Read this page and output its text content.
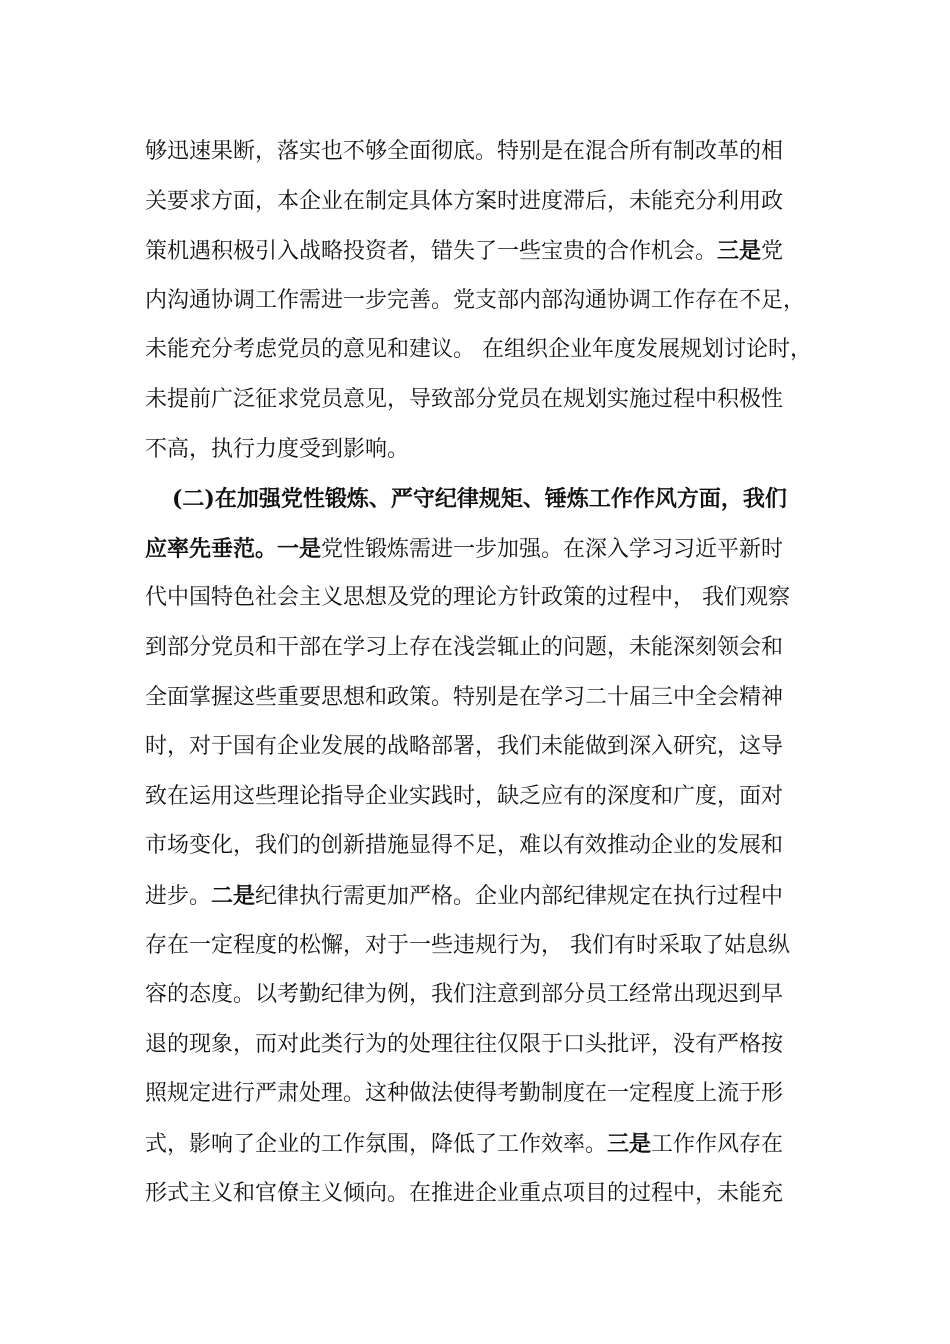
够迅速果断，落实也不够全面彻底。特别是在混合所有制改革的相
关要求方面，本企业在制定具体方案时进度滞后，未能充分利用政
策机遇积极引入战略投资者，错失了一些宝贵的合作机会。三是党
内沟通协调工作需进一步完善。党支部内部沟通协调工作存在不足，
未能充分考虑党员的意见和建议。 在组织企业年度发展规划讨论时，
未提前广泛征求党员意见，导致部分党员在规划实施过程中积极性
不高，执行力度受到影响。
(二)在加强党性锻炼、严守纪律规矩、锤炼工作作风方面，我们
应率先垂范。一是党性锻炼需进一步加强。在深入学习习近平新时
代中国特色社会主义思想及党的理论方针政策的过程中， 我们观察
到部分党员和干部在学习上存在浅尝辄止的问题，未能深刻领会和
全面掌握这些重要思想和政策。特别是在学习二十届三中全会精神
时，对于国有企业发展的战略部署，我们未能做到深入研究，这导
致在运用这些理论指导企业实践时，缺乏应有的深度和广度，面对
市场变化，我们的创新措施显得不足，难以有效推动企业的发展和
进步。二是纪律执行需更加严格。企业内部纪律规定在执行过程中
存在一定程度的松懈，对于一些违规行为， 我们有时采取了姑息纵
容的态度。以考勤纪律为例，我们注意到部分员工经常出现迟到早
退的现象，而对此类行为的处理往往仅限于口头批评，没有严格按
照规定进行严肃处理。这种做法使得考勤制度在一定程度上流于形
式，影响了企业的工作氛围，降低了工作效率。三是工作作风存在
形式主义和官僚主义倾向。在推进企业重点项目的过程中，未能充
